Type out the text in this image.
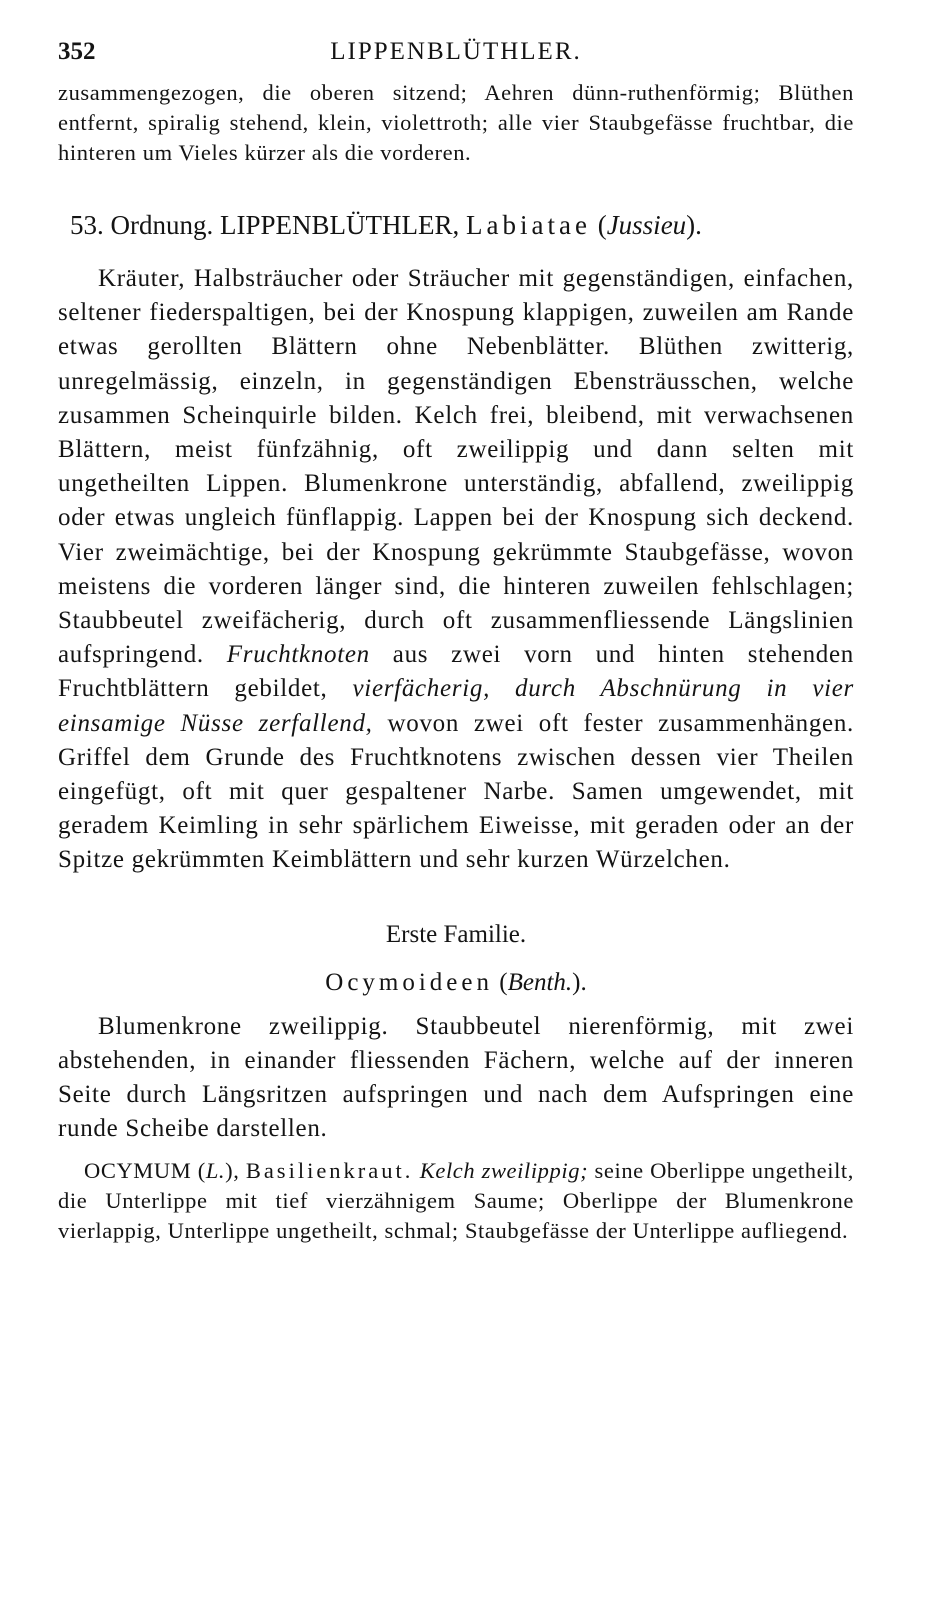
352	LIPPENBLÜTHLER.

zusammengezogen, die oberen sitzend; Aehren dünn-ruthenförmig; Blüthen entfernt, spiralig stehend, klein, violettroth; alle vier Staubgefässe fruchtbar, die hinteren um Vieles kürzer als die vorderen.

53. Ordnung. LIPPENBLÜTHLER, Labiatae (Jussieu).

Kräuter, Halbsträucher oder Sträucher mit gegenständigen, einfachen, seltener fiederspaltigen, bei der Knospung klappigen, zuweilen am Rande etwas gerollten Blättern ohne Nebenblätter. Blüthen zwitterig, unregelmässig, einzeln, in gegenständigen Ebensträusschen, welche zusammen Scheinquirle bilden. Kelch frei, bleibend, mit verwachsenen Blättern, meist fünfzähnig, oft zweilippig und dann selten mit ungetheilten Lippen. Blumenkrone unterständig, abfallend, zweilippig oder etwas ungleich fünflappig. Lappen bei der Knospung sich deckend. Vier zweimächtige, bei der Knospung gekrümmte Staubgefässe, wovon meistens die vorderen länger sind, die hinteren zuweilen fehlschlagen; Staubbeutel zweifächerig, durch oft zusammenfliessende Längslinien aufspringend. Fruchtknoten aus zwei vorn und hinten stehenden Fruchtblättern gebildet, vierfächerig, durch Abschnürung in vier einsamige Nüsse zerfallend, wovon zwei oft fester zusammenhängen. Griffel dem Grunde des Fruchtknotens zwischen dessen vier Theilen eingefügt, oft mit quer gespaltener Narbe. Samen umgewendet, mit geradem Keimling in sehr spärlichem Eiweisse, mit geraden oder an der Spitze gekrümmten Keimblättern und sehr kurzen Würzelchen.

Erste Familie.

Ocymoideen (Benth.).

Blumenkrone zweilippig. Staubbeutel nierenförmig, mit zwei abstehenden, in einander fliessenden Fächern, welche auf der inneren Seite durch Längsritzen aufspringen und nach dem Aufspringen eine runde Scheibe darstellen.

OCYMUM (L.), Basilienkraut. Kelch zweilippig; seine Oberlippe ungetheilt, die Unterlippe mit tief vierzähnigem Saume; Oberlippe der Blumenkrone vierlappig, Unterlippe ungetheilt, schmal; Staubgefässe der Unterlippe aufliegend.
